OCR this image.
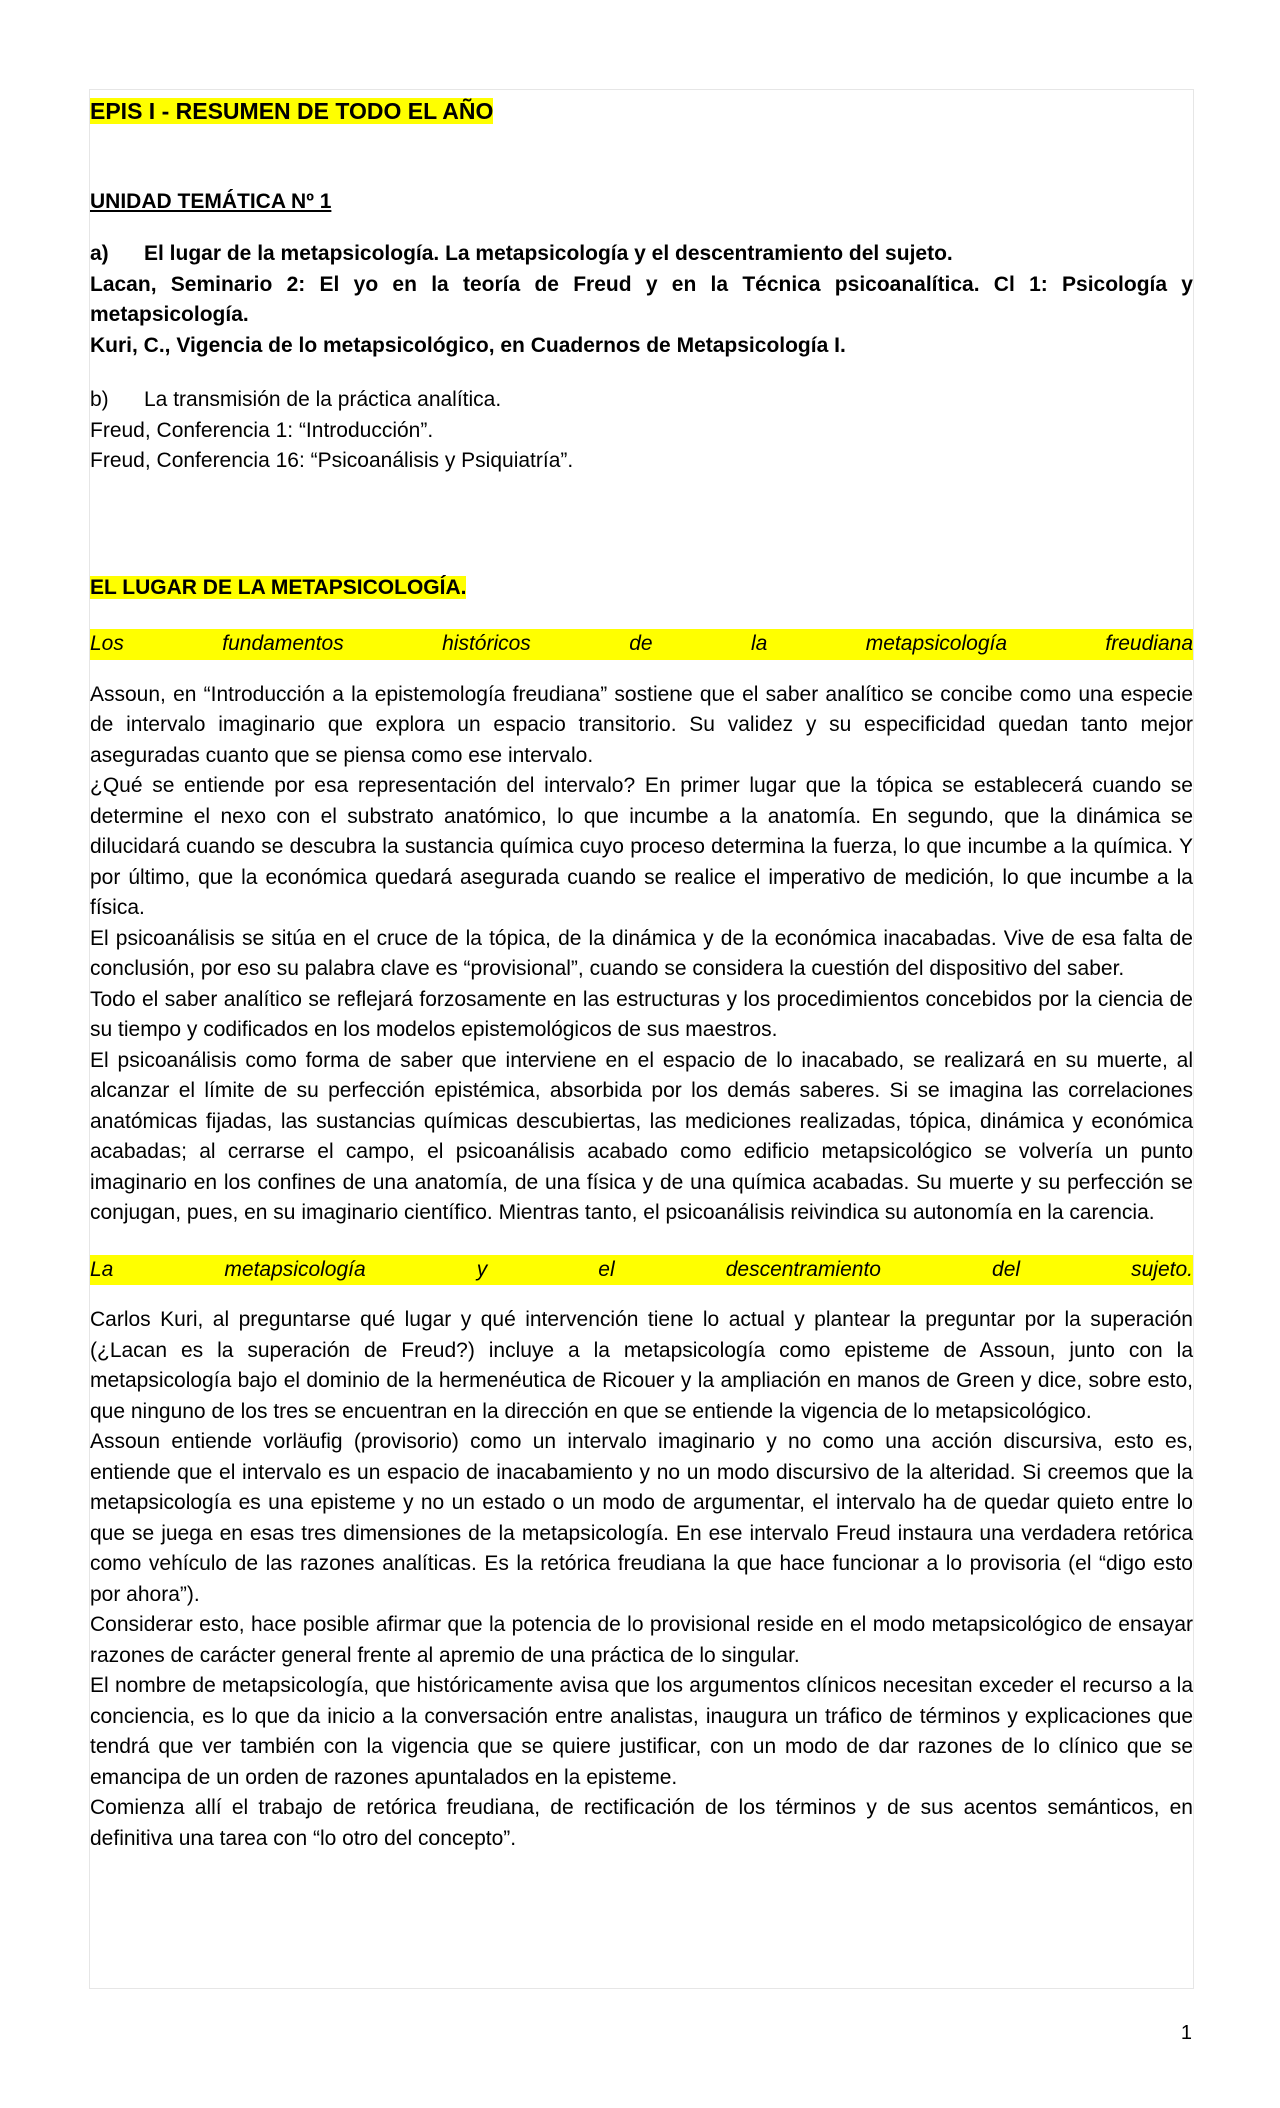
EPIS I - RESUMEN DE TODO EL AÑO

UNIDAD TEMÁTICA Nº 1

a)	El lugar de la metapsicología. La metapsicología y el descentramiento del sujeto.

Lacan, Seminario 2: El yo en la teoría de Freud y en la Técnica psicoanalítica. Cl 1: Psicología y metapsicología.

Kuri, C., Vigencia de lo metapsicológico, en Cuadernos de Metapsicología I.

b)	La transmisión de la práctica analítica.

Freud, Conferencia 1: “Introducción”.

Freud, Conferencia 16: “Psicoanálisis y Psiquiatría”.

EL LUGAR DE LA METAPSICOLOGÍA.

Los fundamentos históricos de la metapsicología freudiana

Assoun, en “Introducción a la epistemología freudiana” sostiene que el saber analítico se concibe como una especie de intervalo imaginario que explora un espacio transitorio. Su validez y su especificidad quedan tanto mejor aseguradas cuanto que se piensa como ese intervalo.

¿Qué se entiende por esa representación del intervalo? En primer lugar que la tópica se establecerá cuando se determine el nexo con el substrato anatómico, lo que incumbe a la anatomía. En segundo, que la dinámica se dilucidará cuando se descubra la sustancia química cuyo proceso determina la fuerza, lo que incumbe a la química. Y por último, que la económica quedará asegurada cuando se realice el imperativo de medición, lo que incumbe a la física.

El psicoanálisis se sitúa en el cruce de la tópica, de la dinámica y de la económica inacabadas. Vive de esa falta de conclusión, por eso su palabra clave es “provisional”, cuando se considera la cuestión del dispositivo del saber.

Todo el saber analítico se reflejará forzosamente en las estructuras y los procedimientos concebidos por la ciencia de su tiempo y codificados en los modelos epistemológicos de sus maestros.

El psicoanálisis como forma de saber que interviene en el espacio de lo inacabado, se realizará en su muerte, al alcanzar el límite de su perfección epistémica, absorbida por los demás saberes. Si se imagina las correlaciones anatómicas fijadas, las sustancias químicas descubiertas, las mediciones realizadas, tópica, dinámica y económica acabadas; al cerrarse el campo, el psicoanálisis acabado como edificio metapsicológico se volvería un punto imaginario en los confines de una anatomía, de una física y de una química acabadas. Su muerte y su perfección se conjugan, pues, en su imaginario científico. Mientras tanto, el psicoanálisis reivindica su autonomía en la carencia.

La metapsicología y el descentramiento del sujeto.

Carlos Kuri, al preguntarse qué lugar y qué intervención tiene lo actual y plantear la preguntar por la superación (¿Lacan es la superación de Freud?) incluye a la metapsicología como episteme de Assoun, junto con la metapsicología bajo el dominio de la hermenéutica de Ricouer y la ampliación en manos de Green y dice, sobre esto, que ninguno de los tres se encuentran en la dirección en que se entiende la vigencia de lo metapsicológico.

Assoun entiende vorläufig (provisorio) como un intervalo imaginario y no como una acción discursiva, esto es, entiende que el intervalo es un espacio de inacabamiento y no un modo discursivo de la alteridad. Si creemos que la metapsicología es una episteme y no un estado o un modo de argumentar, el intervalo ha de quedar quieto entre lo que se juega en esas tres dimensiones de la metapsicología. En ese intervalo Freud instaura una verdadera retórica como vehículo de las razones analíticas. Es la retórica freudiana la que hace funcionar a lo provisoria (el “digo esto por ahora”).

Considerar esto, hace posible afirmar que la potencia de lo provisional reside en el modo metapsicológico de ensayar razones de carácter general frente al apremio de una práctica de lo singular.

El nombre de metapsicología, que históricamente avisa que los argumentos clínicos necesitan exceder el recurso a la conciencia, es lo que da inicio a la conversación entre analistas, inaugura un tráfico de términos y explicaciones que tendrá que ver también con la vigencia que se quiere justificar, con un modo de dar razones de lo clínico que se emancipa de un orden de razones apuntalados en la episteme.

Comienza allí el trabajo de retórica freudiana, de rectificación de los términos y de sus acentos semánticos, en definitiva una tarea con “lo otro del concepto”.

1
